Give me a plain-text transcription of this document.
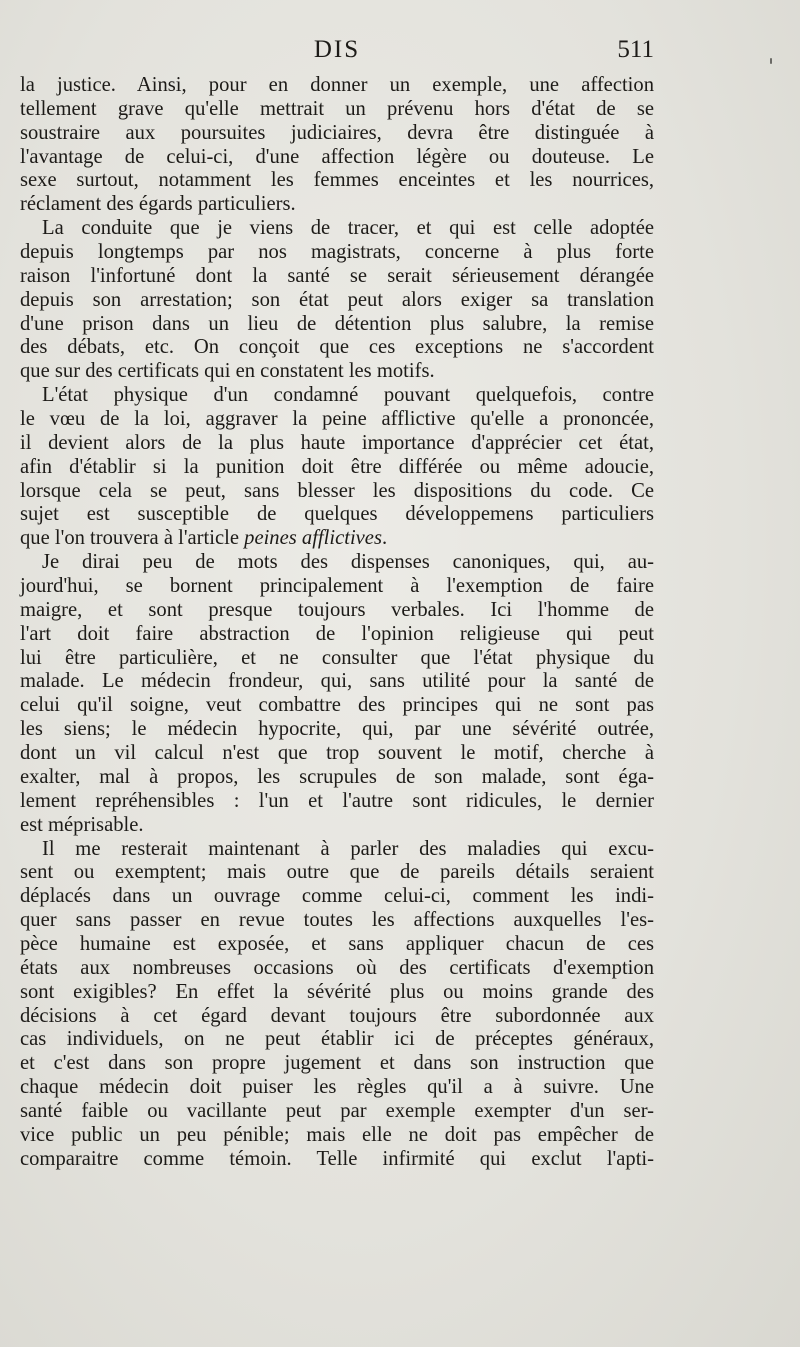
DIS	511
la justice. Ainsi, pour en donner un exemple, une affection
tellement grave qu'elle mettrait un prévenu hors d'état de se
soustraire aux poursuites judiciaires, devra être distinguée à
l'avantage de celui-ci, d'une affection légère ou douteuse. Le
sexe surtout, notamment les femmes enceintes et les nourrices,
réclament des égards particuliers.
La conduite que je viens de tracer, et qui est celle adoptée
depuis longtemps par nos magistrats, concerne à plus forte
raison l'infortuné dont la santé se serait sérieusement dérangée
depuis son arrestation; son état peut alors exiger sa translation
d'une prison dans un lieu de détention plus salubre, la remise
des débats, etc. On conçoit que ces exceptions ne s'accordent
que sur des certificats qui en constatent les motifs.
L'état physique d'un condamné pouvant quelquefois, contre
le vœu de la loi, aggraver la peine afflictive qu'elle a prononcée,
il devient alors de la plus haute importance d'apprécier cet état,
afin d'établir si la punition doit être différée ou même adoucie,
lorsque cela se peut, sans blesser les dispositions du code. Ce
sujet est susceptible de quelques développemens particuliers
que l'on trouvera à l'article peines afflictives.
Je dirai peu de mots des dispenses canoniques, qui, au-
jourd'hui, se bornent principalement à l'exemption de faire
maigre, et sont presque toujours verbales. Ici l'homme de
l'art doit faire abstraction de l'opinion religieuse qui peut
lui être particulière, et ne consulter que l'état physique du
malade. Le médecin frondeur, qui, sans utilité pour la santé de
celui qu'il soigne, veut combattre des principes qui ne sont pas
les siens; le médecin hypocrite, qui, par une sévérité outrée,
dont un vil calcul n'est que trop souvent le motif, cherche à
exalter, mal à propos, les scrupules de son malade, sont éga-
lement repréhensibles : l'un et l'autre sont ridicules, le dernier
est méprisable.
Il me resterait maintenant à parler des maladies qui excu-
sent ou exemptent; mais outre que de pareils détails seraient
déplacés dans un ouvrage comme celui-ci, comment les indi-
quer sans passer en revue toutes les affections auxquelles l'es-
pèce humaine est exposée, et sans appliquer chacun de ces
états aux nombreuses occasions où des certificats d'exemption
sont exigibles? En effet la sévérité plus ou moins grande des
décisions à cet égard devant toujours être subordonnée aux
cas individuels, on ne peut établir ici de préceptes généraux,
et c'est dans son propre jugement et dans son instruction que
chaque médecin doit puiser les règles qu'il a à suivre. Une
santé faible ou vacillante peut par exemple exempter d'un ser-
vice public un peu pénible; mais elle ne doit pas empêcher de
comparaitre comme témoin. Telle infirmité qui exclut l'apti-
